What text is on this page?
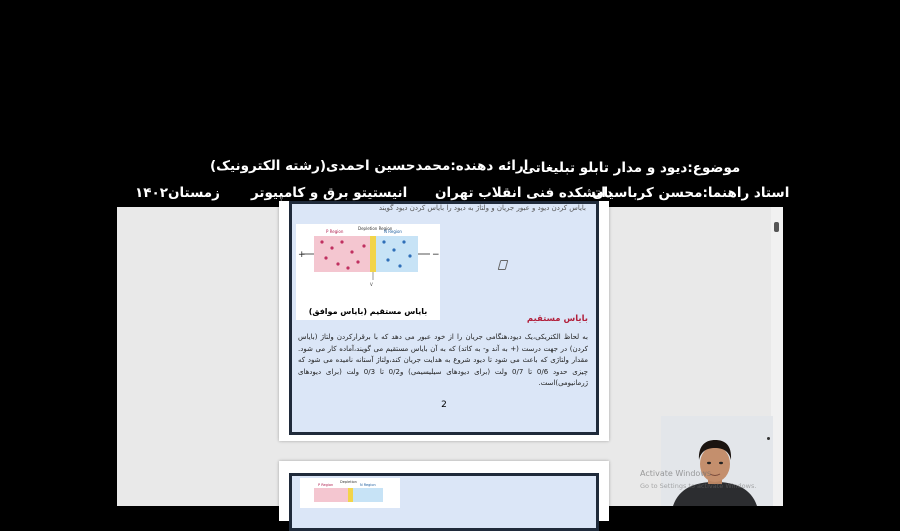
ارائه دهنده:محمدحسین احمدی(رشته الکترونیک)
موضوع:دیود و مدار تابلو تبلیغاتی
زمستان۱۴۰۲ انیستیتو برق و کامپیوتر دانشکده فنی انقلاب تهران
استاد راهنما:محسن کرباسیان
بایاس کردن دیود و عبور جریان و ولتاژ به دیود را بایاس کردن دیود گویند
+	−
P Region
Depletion Region
N Region
V
بایاس مستقیم (بایاس موافق)
بایاس مستقیم
به لحاظ الکتریکی،یک دیود،هنگامی جریان را از خود عبور می دهد که با برقرارکردن ولتاژ (بایاس کردن) در جهت درست (+ به آند و- به کاتد) که به آن بایاس مستقیم می گویند،آماده کار می شود. مقدار ولتاژی که باعث می شود تا دیود شروع به هدایت جریان کند،ولتاژ آستانه نامیده می شود که چیزی حدود 0/6 تا 0/7 ولت (برای دیودهای سیلیسیمی) و0/2 تا 0/3 ولت (برای دیودهای ژرمانیومی)است.
2
P Region
Depletion
N Region
Activate Windows
Go to Settings to activate Windows.
